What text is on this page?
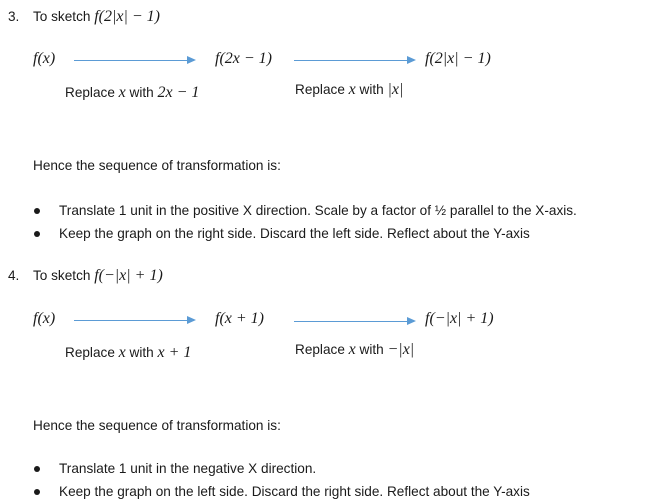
3. To sketch f(2|x| − 1)
f(x)	f(2x − 1)	f(2|x| − 1)
Replace x with 2x − 1	Replace x with |x|
Hence the sequence of transformation is:
Translate 1 unit in the positive X direction. Scale by a factor of ½ parallel to the X-axis.
Keep the graph on the right side. Discard the left side. Reflect about the Y-axis
4. To sketch f(−|x| + 1)
f(x)	f(x + 1)	f(−|x| + 1)
Replace x with x + 1	Replace x with −|x|
Hence the sequence of transformation is:
Translate 1 unit in the negative X direction.
Keep the graph on the left side. Discard the right side. Reflect about the Y-axis
